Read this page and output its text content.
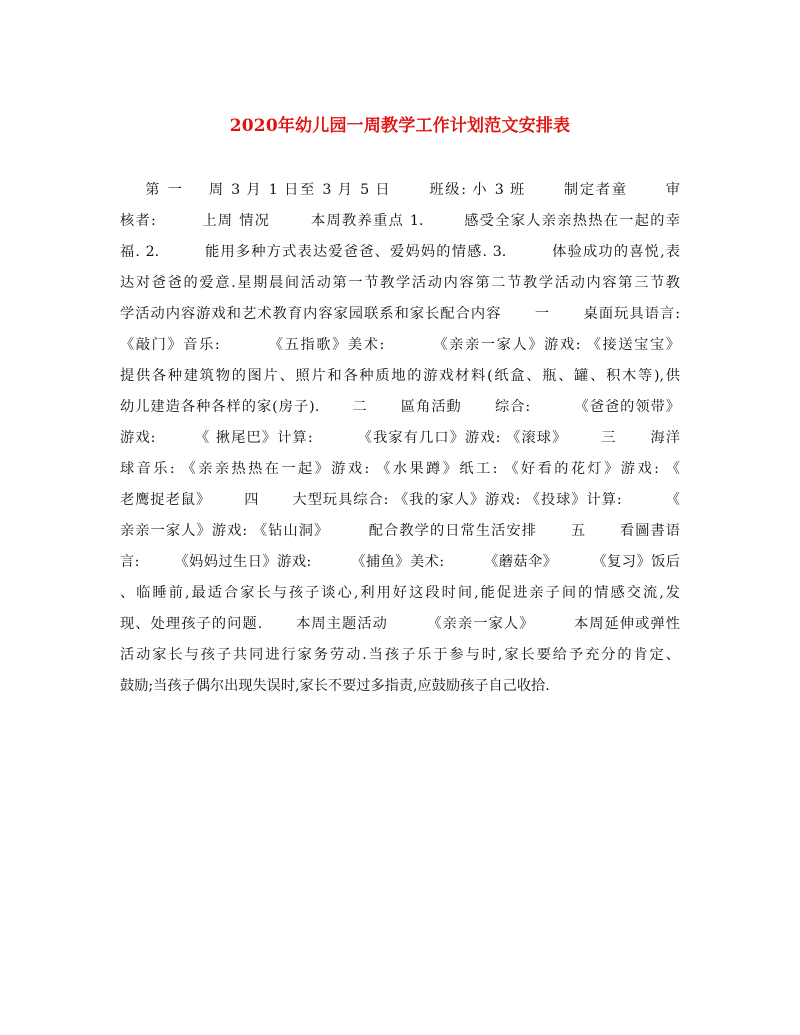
2020年幼儿园一周教学工作计划范文安排表
第 一    周 3 月 1 日至 3 月 5 日      班级: 小 3 班      制定者童      审
核者:        上周 情况       本周教养重点 1.       感受全家人亲亲热热在一起的幸
福. 2.        能用多种方式表达爱爸爸、爱妈妈的情感. 3.        体验成功的喜悦,表
达对爸爸的爱意.星期晨间活动第一节教学活动内容第二节教学活动内容第三节教
学活动内容游戏和艺术教育内容家园联系和家长配合内容      一      桌面玩具语言:
《敲门》音乐:        《五指歌》美术:        《亲亲一家人》游戏: 《接送宝宝》
提供各种建筑物的图片、照片和各种质地的游戏材料(纸盒、瓶、罐、积木等),供
幼儿建造各种各样的家(房子).      二      區角活動      综合:        《爸爸的领带》
游戏:       《 揪尾巴》计算:        《我家有几口》游戏: 《滚球》      三      海洋
球音乐: 《亲亲热热在一起》游戏: 《水果蹲》纸工: 《好看的花灯》游戏: 《
老鹰捉老鼠》      四      大型玩具综合: 《我的家人》游戏: 《投球》计算:        《
亲亲一家人》游戏: 《钻山洞》       配合教学的日常生活安排      五      看圖書语
言:       《妈妈过生日》游戏:        《捕鱼》美术:        《蘑菇伞》       《复习》饭后
、临睡前,最适合家长与孩子谈心,利用好这段时间,能促进亲子间的情感交流,发
现、处理孩子的问题.      本周主题活动       《亲亲一家人》       本周延伸或弹性
活动家长与孩子共同进行家务劳动.当孩子乐于参与时,家长要给予充分的肯定、
鼓励;当孩子偶尔出现失误时,家长不要过多指责,应鼓励孩子自己收拾.
